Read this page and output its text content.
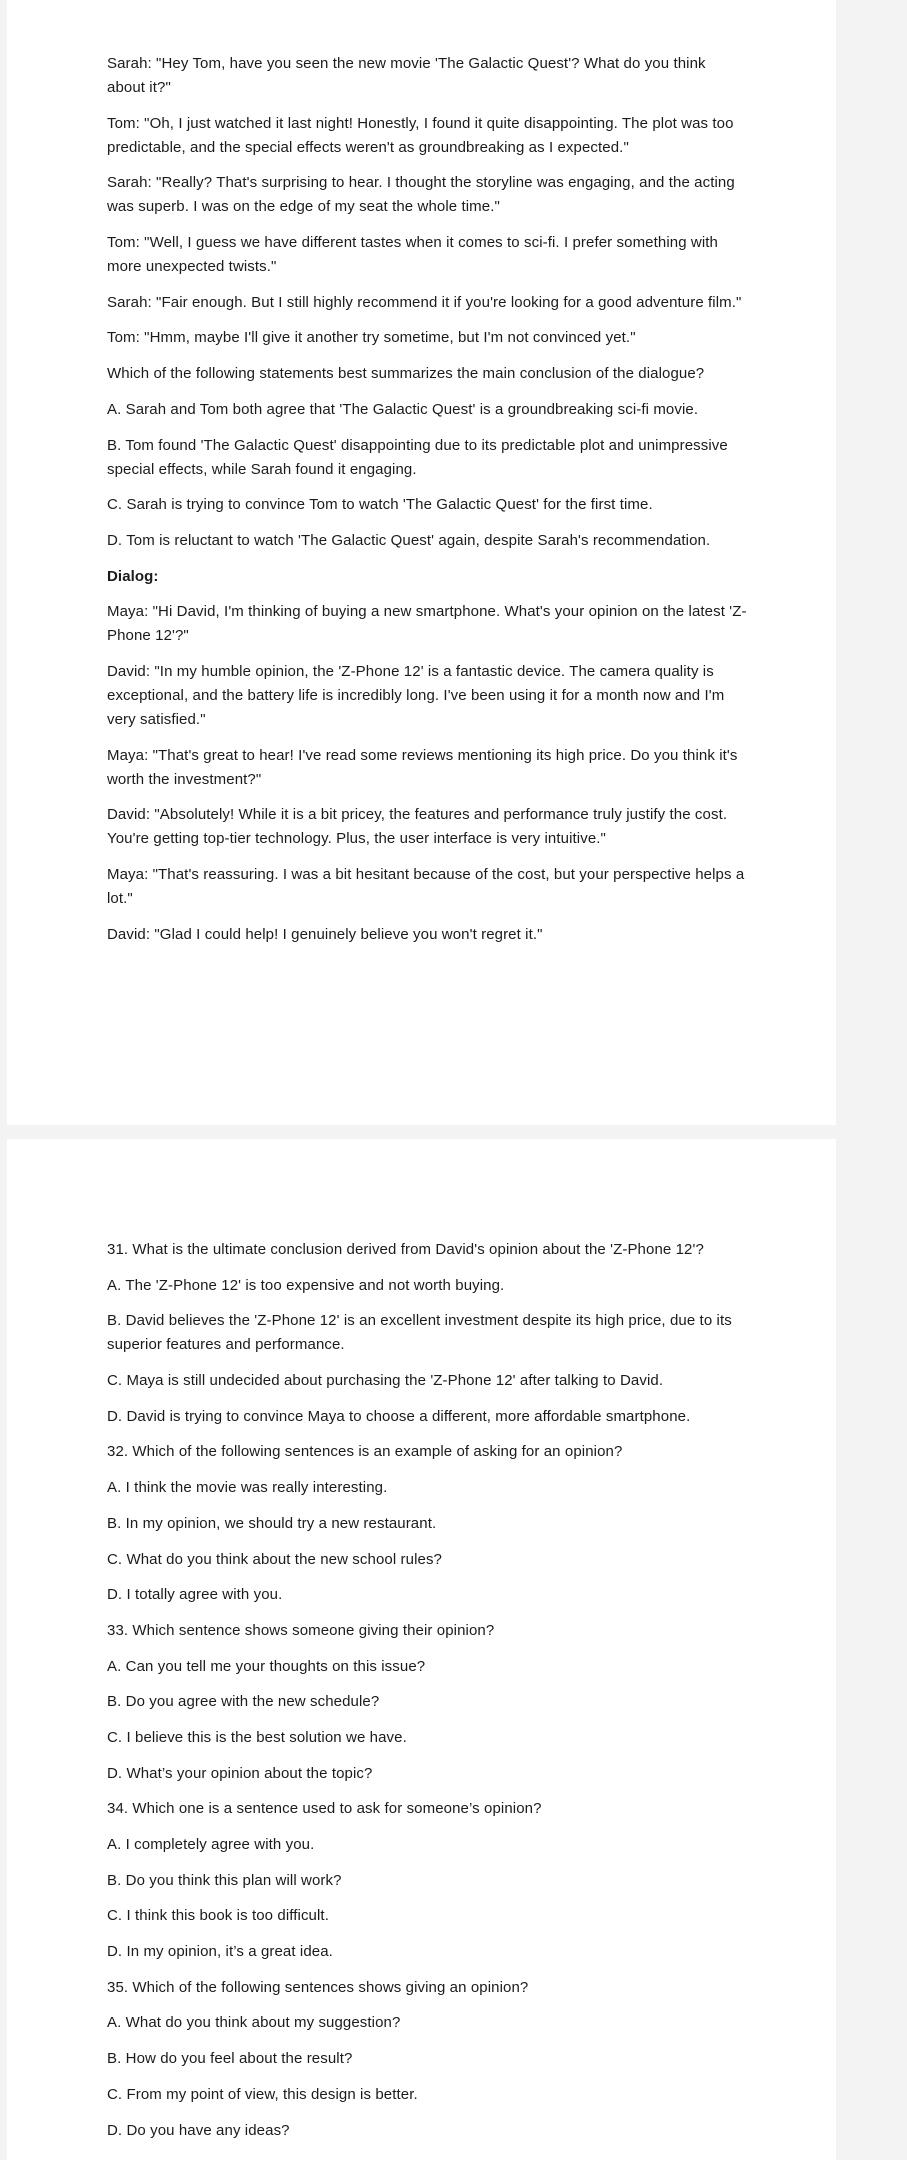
Sarah: "Hey Tom, have you seen the new movie 'The Galactic Quest'? What do you think about it?"

Tom: "Oh, I just watched it last night! Honestly, I found it quite disappointing. The plot was too predictable, and the special effects weren't as groundbreaking as I expected."

Sarah: "Really? That's surprising to hear. I thought the storyline was engaging, and the acting was superb. I was on the edge of my seat the whole time."

Tom: "Well, I guess we have different tastes when it comes to sci-fi. I prefer something with more unexpected twists."

Sarah: "Fair enough. But I still highly recommend it if you're looking for a good adventure film."

Tom: "Hmm, maybe I'll give it another try sometime, but I'm not convinced yet."

Which of the following statements best summarizes the main conclusion of the dialogue?

A. Sarah and Tom both agree that 'The Galactic Quest' is a groundbreaking sci-fi movie.

B. Tom found 'The Galactic Quest' disappointing due to its predictable plot and unimpressive special effects, while Sarah found it engaging.

C. Sarah is trying to convince Tom to watch 'The Galactic Quest' for the first time.

D. Tom is reluctant to watch 'The Galactic Quest' again, despite Sarah's recommendation.

Dialog:

Maya: "Hi David, I'm thinking of buying a new smartphone. What's your opinion on the latest 'Z-Phone 12'?"

David: "In my humble opinion, the 'Z-Phone 12' is a fantastic device. The camera quality is exceptional, and the battery life is incredibly long. I've been using it for a month now and I'm very satisfied."

Maya: "That's great to hear! I've read some reviews mentioning its high price. Do you think it's worth the investment?"

David: "Absolutely! While it is a bit pricey, the features and performance truly justify the cost. You're getting top-tier technology. Plus, the user interface is very intuitive."

Maya: "That's reassuring. I was a bit hesitant because of the cost, but your perspective helps a lot."

David: "Glad I could help! I genuinely believe you won't regret it."

31. What is the ultimate conclusion derived from David's opinion about the 'Z-Phone 12'?

A. The 'Z-Phone 12' is too expensive and not worth buying.

B. David believes the 'Z-Phone 12' is an excellent investment despite its high price, due to its superior features and performance.

C. Maya is still undecided about purchasing the 'Z-Phone 12' after talking to David.

D. David is trying to convince Maya to choose a different, more affordable smartphone.

32. Which of the following sentences is an example of asking for an opinion?

A. I think the movie was really interesting.

B. In my opinion, we should try a new restaurant.

C. What do you think about the new school rules?

D. I totally agree with you.

33. Which sentence shows someone giving their opinion?

A. Can you tell me your thoughts on this issue?

B. Do you agree with the new schedule?

C. I believe this is the best solution we have.

D. What’s your opinion about the topic?

34. Which one is a sentence used to ask for someone’s opinion?

A. I completely agree with you.

B. Do you think this plan will work?

C. I think this book is too difficult.

D. In my opinion, it’s a great idea.

35. Which of the following sentences shows giving an opinion?

A. What do you think about my suggestion?

B. How do you feel about the result?

C. From my point of view, this design is better.

D. Do you have any ideas?
